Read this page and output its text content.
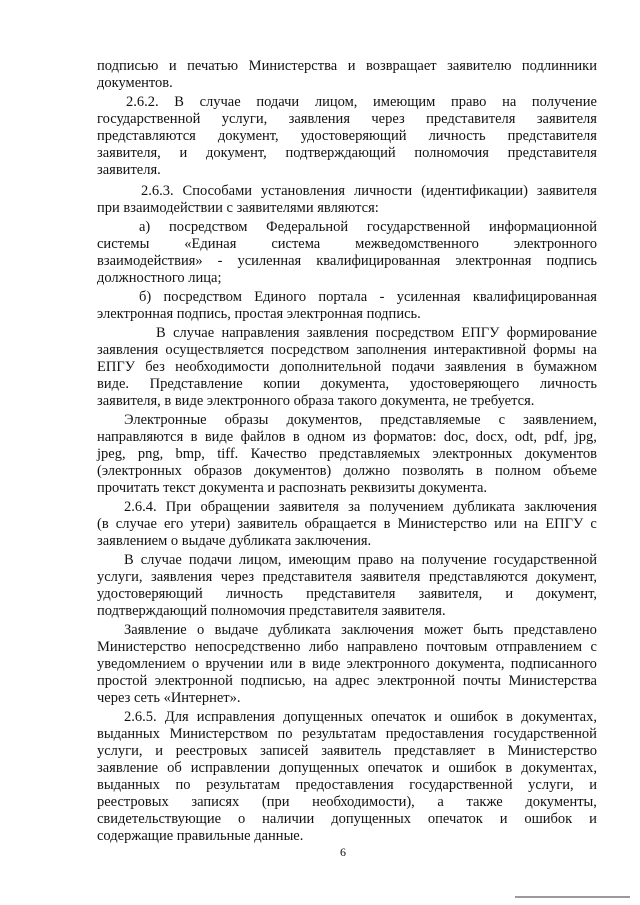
подписью и печатью Министерства и возвращает заявителю подлинники
документов.
2.6.2. В случае подачи лицом, имеющим право на получение
государственной услуги, заявления через представителя заявителя
представляются документ, удостоверяющий личность представителя
заявителя, и документ, подтверждающий полномочия представителя
заявителя.
2.6.3. Способами установления личности (идентификации) заявителя
при взаимодействии с заявителями являются:
а) посредством Федеральной государственной информационной
системы «Единая система межведомственного электронного
взаимодействия» - усиленная квалифицированная электронная подпись
должностного лица;
б) посредством Единого портала - усиленная квалифицированная
электронная подпись, простая электронная подпись.
В случае направления заявления посредством ЕПГУ формирование
заявления осуществляется посредством заполнения интерактивной формы на
ЕПГУ без необходимости дополнительной подачи заявления в бумажном
виде. Представление копии документа, удостоверяющего личность
заявителя, в виде электронного образа такого документа, не требуется.
Электронные образы документов, представляемые с заявлением,
направляются в виде файлов в одном из форматов: doc, docx, odt, pdf, jpg,
jpeg, png, bmp, tiff. Качество представляемых электронных документов
(электронных образов документов) должно позволять в полном объеме
прочитать текст документа и распознать реквизиты документа.
2.6.4. При обращении заявителя за получением дубликата заключения
(в случае его утери) заявитель обращается в Министерство или на ЕПГУ с
заявлением о выдаче дубликата заключения.
В случае подачи лицом, имеющим право на получение государственной
услуги, заявления через представителя заявителя представляются документ,
удостоверяющий личность представителя заявителя, и документ,
подтверждающий полномочия представителя заявителя.
Заявление о выдаче дубликата заключения может быть представлено
Министерство непосредственно либо направлено почтовым отправлением с
уведомлением о вручении или в виде электронного документа, подписанного
простой электронной подписью, на адрес электронной почты Министерства
через сеть «Интернет».
2.6.5. Для исправления допущенных опечаток и ошибок в документах,
выданных Министерством по результатам предоставления государственной
услуги, и реестровых записей заявитель представляет в Министерство
заявление об исправлении допущенных опечаток и ошибок в документах,
выданных по результатам предоставления государственной услуги, и
реестровых записях (при необходимости), а также документы,
свидетельствующие о наличии допущенных опечаток и ошибок и
содержащие правильные данные.
6
